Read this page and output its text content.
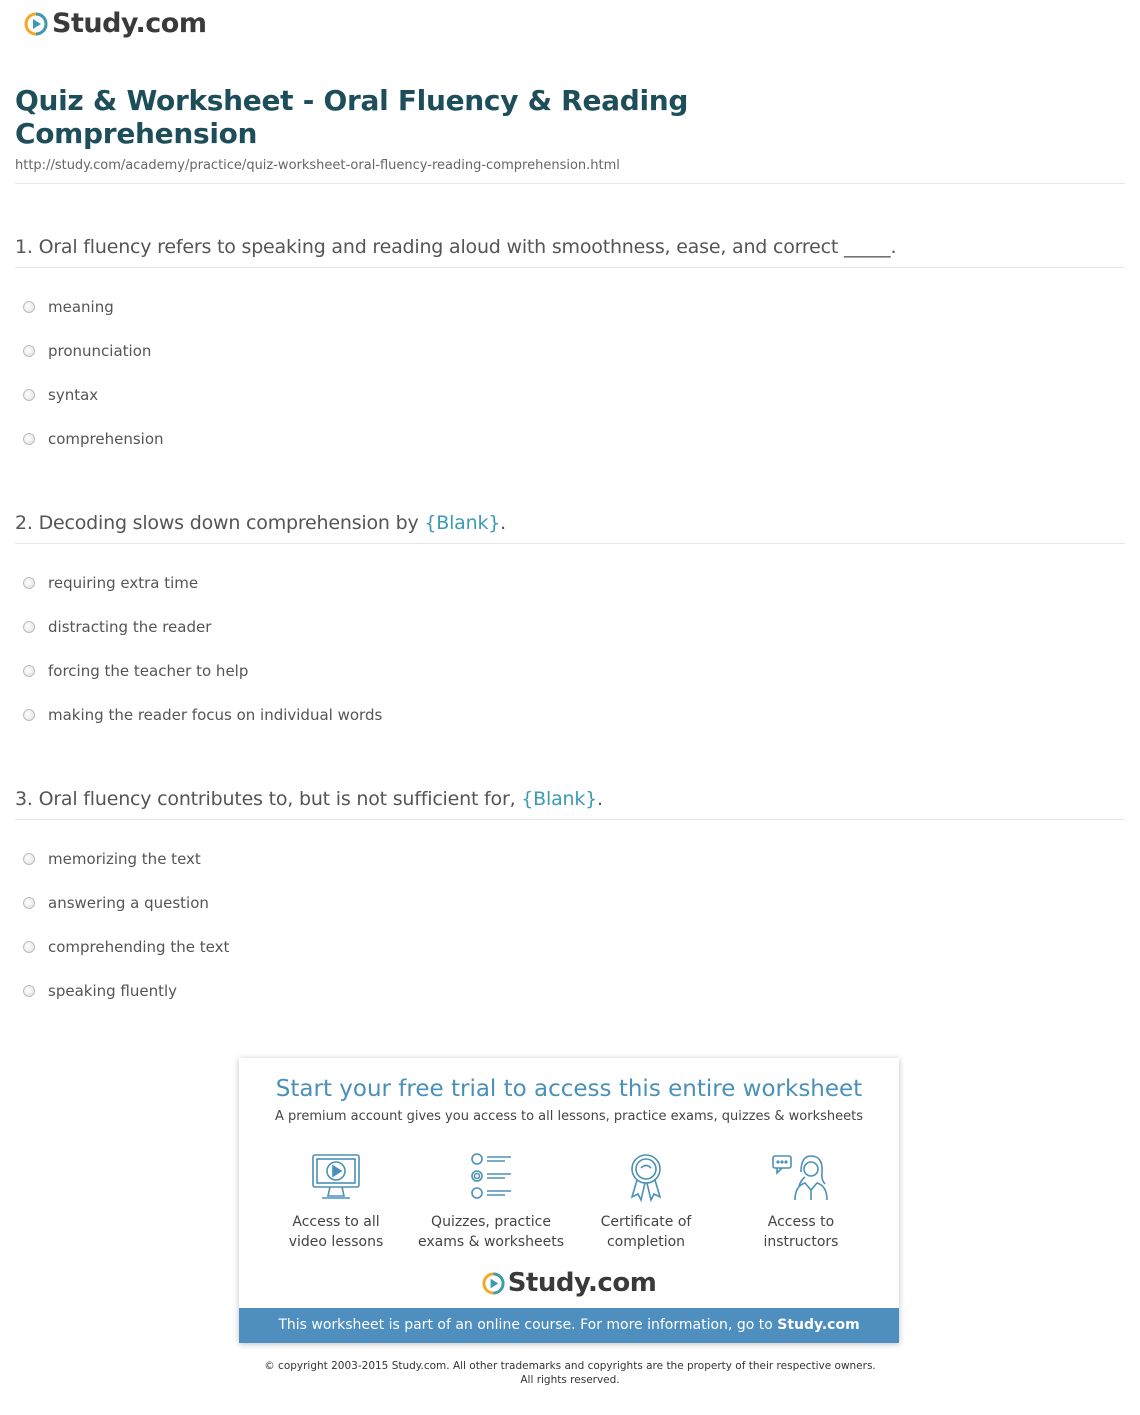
Study.com
Quiz & Worksheet - Oral Fluency & Reading Comprehension
http://study.com/academy/practice/quiz-worksheet-oral-fluency-reading-comprehension.html
1. Oral fluency refers to speaking and reading aloud with smoothness, ease, and correct _____.
meaning
pronunciation
syntax
comprehension
2. Decoding slows down comprehension by {Blank}.
requiring extra time
distracting the reader
forcing the teacher to help
making the reader focus on individual words
3. Oral fluency contributes to, but is not sufficient for, {Blank}.
memorizing the text
answering a question
comprehending the text
speaking fluently
Start your free trial to access this entire worksheet
A premium account gives you access to all lessons, practice exams, quizzes & worksheets
Access to all
video lessons
Quizzes, practice
exams & worksheets
Certificate of
completion
Access to
instructors
Study.com
This worksheet is part of an online course. For more information, go to Study.com
© copyright 2003-2015 Study.com. All other trademarks and copyrights are the property of their respective owners.
All rights reserved.
